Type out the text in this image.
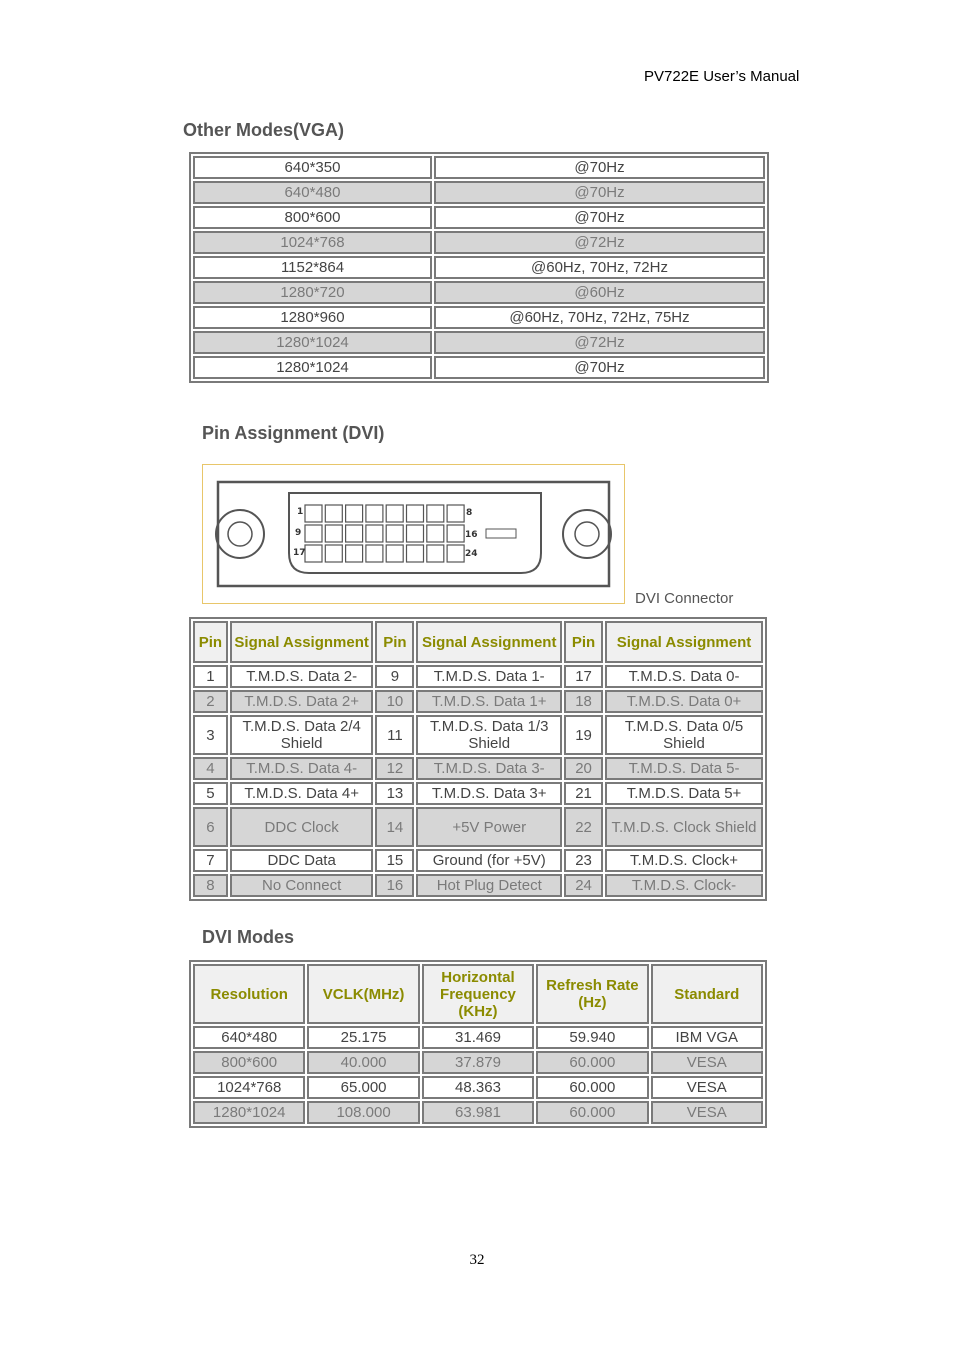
PV722E User’s Manual
Other Modes(VGA)
640*350	@70Hz
640*480	@70Hz
800*600	@70Hz
1024*768	@72Hz
1152*864	@60Hz, 70Hz, 72Hz
1280*720	@60Hz
1280*960	@60Hz, 70Hz, 72Hz, 75Hz
1280*1024	@72Hz
1280*1024	@70Hz
Pin Assignment (DVI)
1
9
17
8
16
24
DVI Connector
Pin	Signal Assignment	Pin	Signal Assignment	Pin	Signal Assignment
1	T.M.D.S. Data 2-	9	T.M.D.S. Data 1-	17	T.M.D.S. Data 0-
2	T.M.D.S. Data 2+	10	T.M.D.S. Data 1+	18	T.M.D.S. Data 0+
3	T.M.D.S. Data 2/4 Shield	11	T.M.D.S. Data 1/3 Shield	19	T.M.D.S. Data 0/5 Shield
4	T.M.D.S. Data 4-	12	T.M.D.S. Data 3-	20	T.M.D.S. Data 5-
5	T.M.D.S. Data 4+	13	T.M.D.S. Data 3+	21	T.M.D.S. Data 5+
6	DDC Clock	14	+5V Power	22	T.M.D.S. Clock Shield
7	DDC Data	15	Ground (for +5V)	23	T.M.D.S. Clock+
8	No Connect	16	Hot Plug Detect	24	T.M.D.S. Clock-
DVI Modes
Resolution	VCLK(MHz)	Horizontal Frequency (KHz)	Refresh Rate (Hz)	Standard
640*480	25.175	31.469	59.940	IBM VGA
800*600	40.000	37.879	60.000	VESA
1024*768	65.000	48.363	60.000	VESA
1280*1024	108.000	63.981	60.000	VESA
32
